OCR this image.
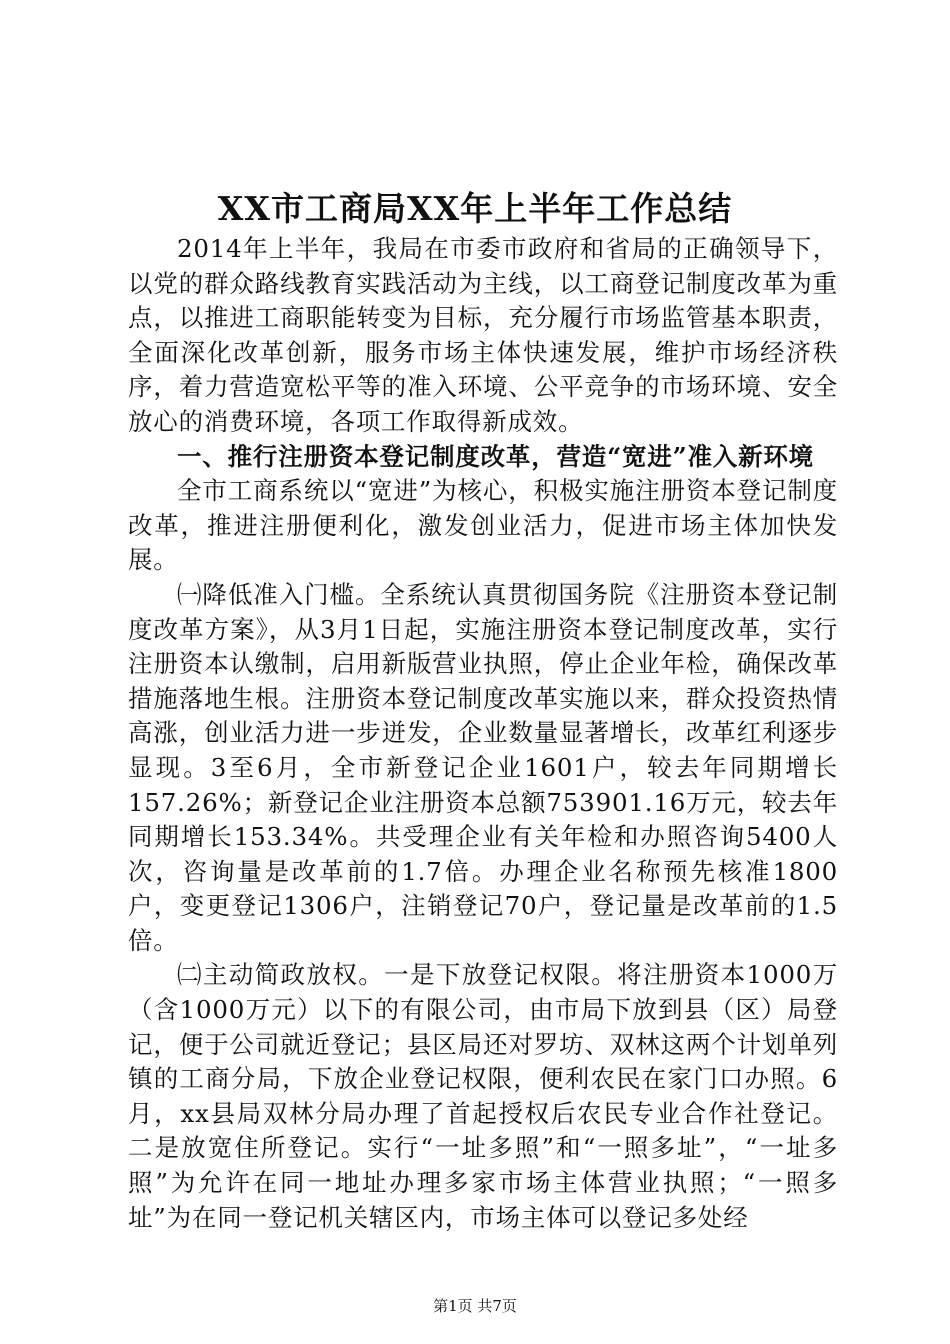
XX市工商局XX年上半年工作总结

2014年上半年，我局在市委市政府和省局的正确领导下，以党的群众路线教育实践活动为主线，以工商登记制度改革为重点，以推进工商职能转变为目标，充分履行市场监管基本职责，全面深化改革创新，服务市场主体快速发展，维护市场经济秩序，着力营造宽松平等的准入环境、公平竞争的市场环境、安全放心的消费环境，各项工作取得新成效。

一、推行注册资本登记制度改革，营造“宽进”准入新环境

全市工商系统以“宽进”为核心，积极实施注册资本登记制度改革，推进注册便利化，激发创业活力，促进市场主体加快发展。

㈠降低准入门槛。全系统认真贯彻国务院《注册资本登记制度改革方案》，从3月1日起，实施注册资本登记制度改革，实行注册资本认缴制，启用新版营业执照，停止企业年检，确保改革措施落地生根。注册资本登记制度改革实施以来，群众投资热情高涨，创业活力进一步迸发，企业数量显著增长，改革红利逐步显现。3至6月，全市新登记企业1601户，较去年同期增长157.26%；新登记企业注册资本总额753901.16万元，较去年同期增长153.34%。共受理企业有关年检和办照咨询5400人次，咨询量是改革前的1.7倍。办理企业名称预先核准1800户，变更登记1306户，注销登记70户，登记量是改革前的1.5倍。

㈡主动简政放权。一是下放登记权限。将注册资本1000万（含1000万元）以下的有限公司，由市局下放到县（区）局登记，便于公司就近登记；县区局还对罗坊、双林这两个计划单列镇的工商分局，下放企业登记权限，便利农民在家门口办照。6月，xx县局双林分局办理了首起授权后农民专业合作社登记。二是放宽住所登记。实行“一址多照”和“一照多址”，“一址多照”为允许在同一地址办理多家市场主体营业执照；“一照多址”为在同一登记机关辖区内，市场主体可以登记多处经

第1页 共7页
